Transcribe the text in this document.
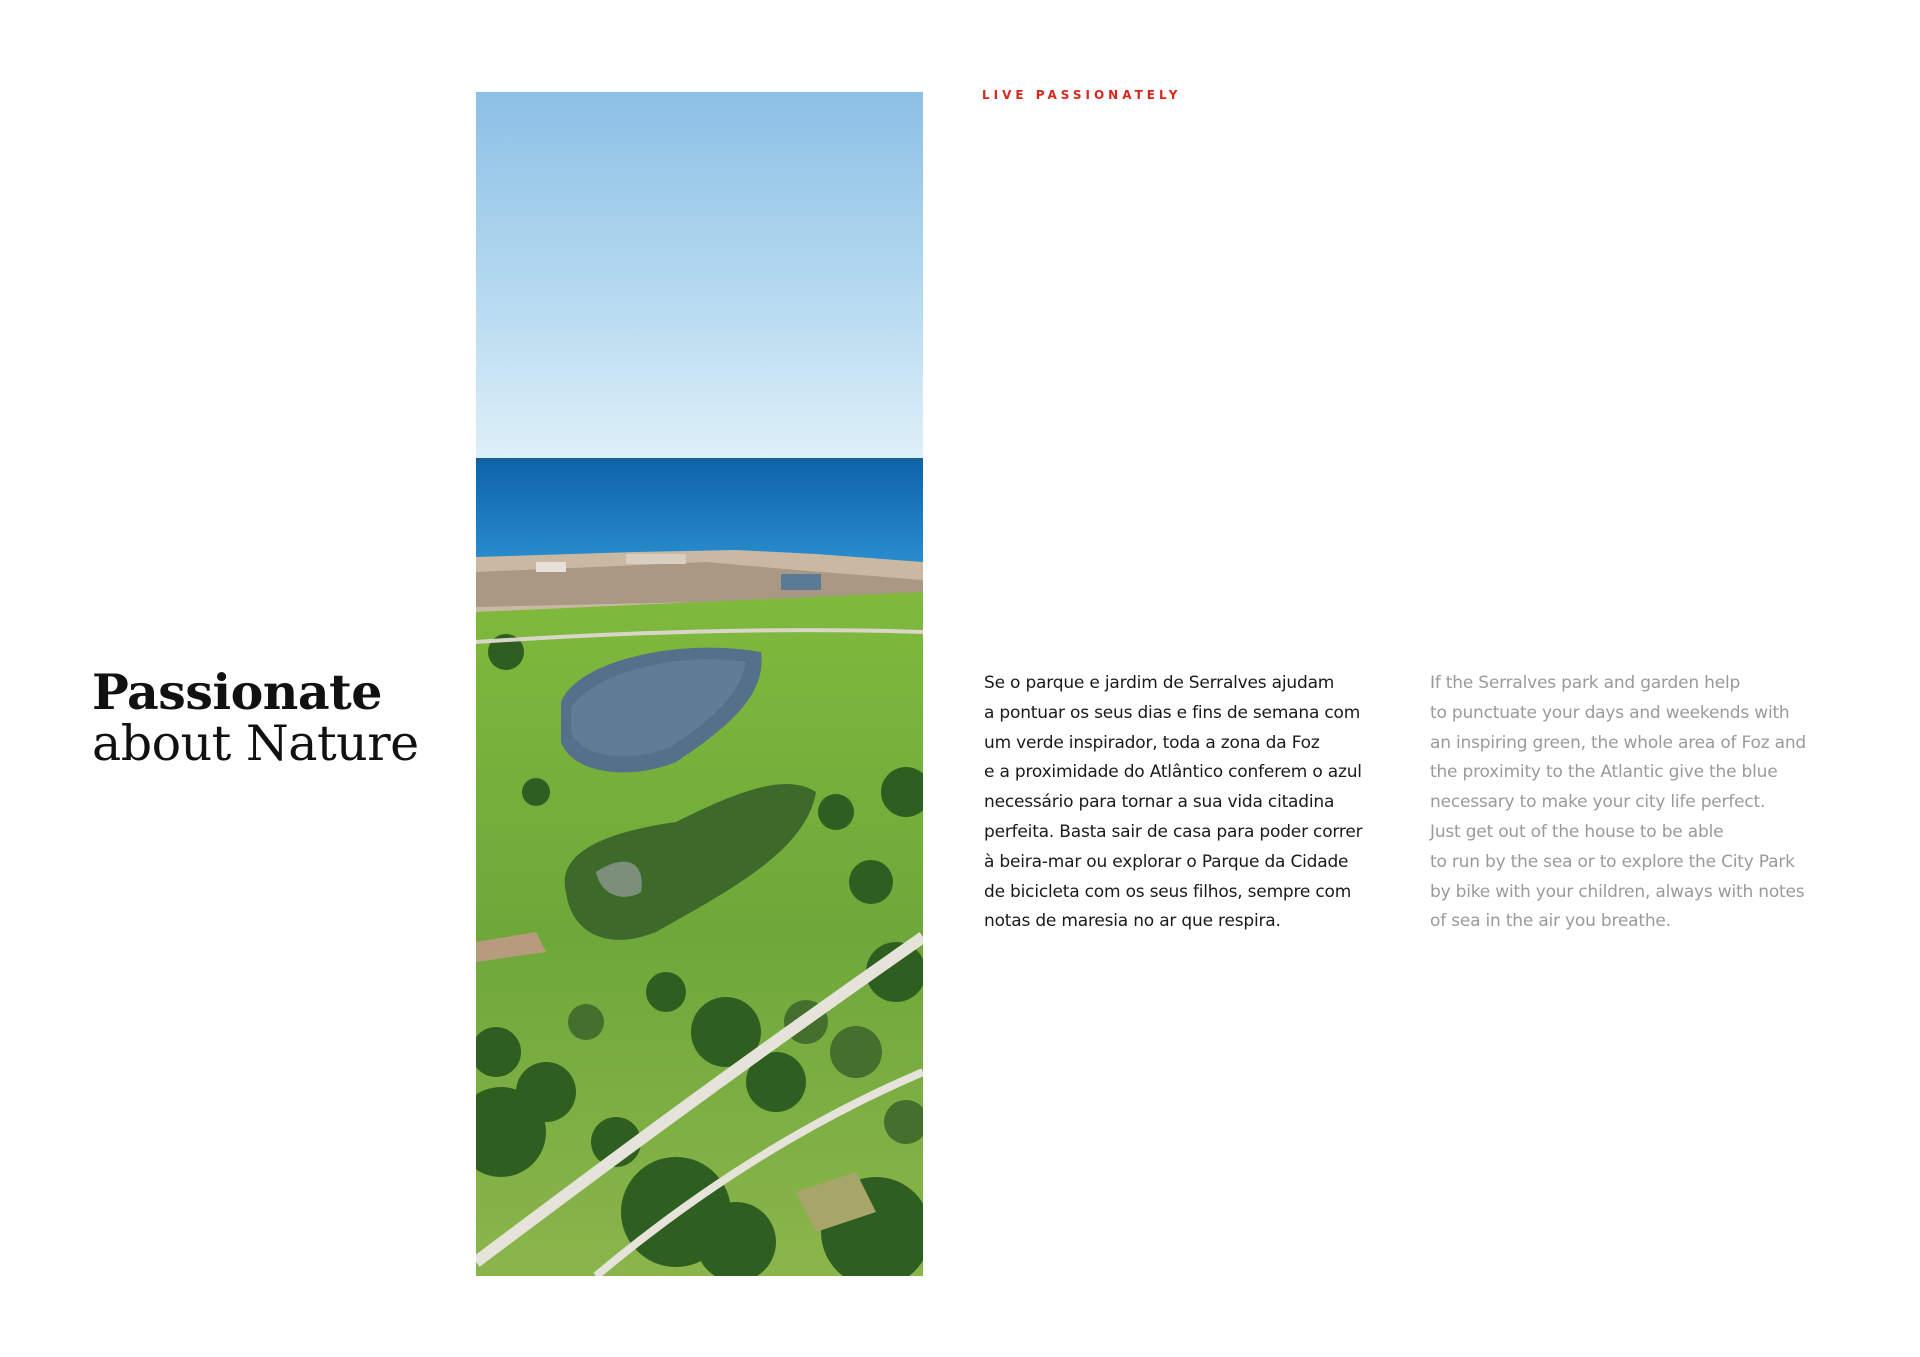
LIVE PASSIONATELY
Passionate
about Nature
Se o parque e jardim de Serralves ajudam
a pontuar os seus dias e fins de semana com
um verde inspirador, toda a zona da Foz
e a proximidade do Atlântico conferem o azul
necessário para tornar a sua vida citadina
perfeita. Basta sair de casa para poder correr
à beira-mar ou explorar o Parque da Cidade
de bicicleta com os seus filhos, sempre com
notas de maresia no ar que respira.
If the Serralves park and garden help
to punctuate your days and weekends with
an inspiring green, the whole area of Foz and
the proximity to the Atlantic give the blue
necessary to make your city life perfect.
Just get out of the house to be able
to run by the sea or to explore the City Park
by bike with your children, always with notes
of sea in the air you breathe.
